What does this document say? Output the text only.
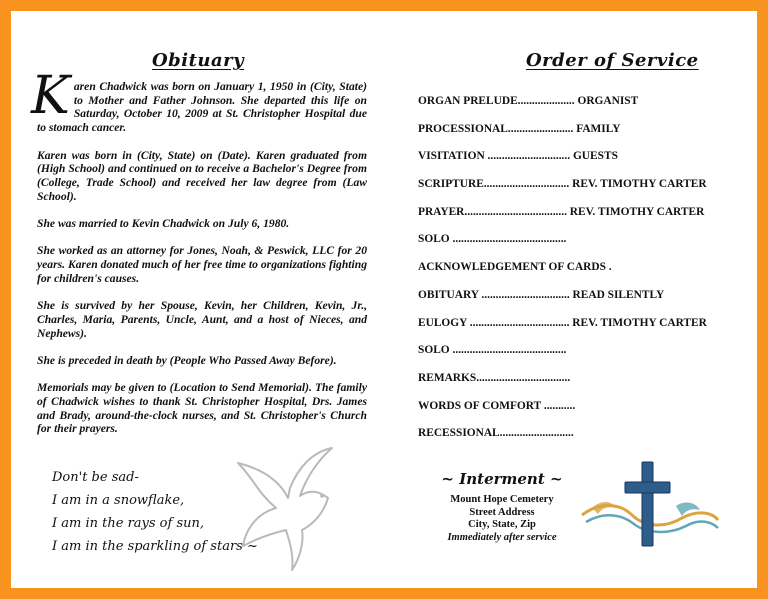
Obituary

Karen Chadwick was born on January 1, 1950 in (City, State) to Mother and Father Johnson. She departed this life on Saturday, October 10, 2009 at St. Christopher Hospital due to stomach cancer.

Karen was born in (City, State) on (Date). Karen graduated from (High School) and continued on to receive a Bachelor's Degree from (College, Trade School) and received her law degree from (Law School).

She was married to Kevin Chadwick on July 6, 1980.

She worked as an attorney for Jones, Noah, & Peswick, LLC for 20 years. Karen donated much of her free time to organizations fighting for children's causes.

She is survived by her Spouse, Kevin, her Children, Kevin, Jr., Charles, Maria, Parents, Uncle, Aunt, and a host of Nieces, and Nephews).

She is preceded in death by (People Who Passed Away Before).

Memorials may be given to (Location to Send Memorial). The family of Chadwick wishes to thank St. Christopher Hospital, Drs. James and Brady, around-the-clock nurses, and St. Christopher's Church for their prayers.

Don't be sad-
I am in a snowflake,
I am in the rays of sun,
I am in the sparkling of stars ~
Order of Service
ORGAN PRELUDE.................... ORGANIST
PROCESSIONAL....................... FAMILY
VISITATION ............................. GUESTS
SCRIPTURE.............................. REV. TIMOTHY CARTER
PRAYER.................................... REV. TIMOTHY CARTER
SOLO ........................................
ACKNOWLEDGEMENT OF CARDS .
OBITUARY ............................... READ SILENTLY
EULOGY ................................... REV. TIMOTHY CARTER
SOLO ........................................
REMARKS.................................
WORDS OF COMFORT ...........
RECESSIONAL..........................
~ Interment ~
Mount Hope Cemetery
Street Address
City, State, Zip
Immediately after service
